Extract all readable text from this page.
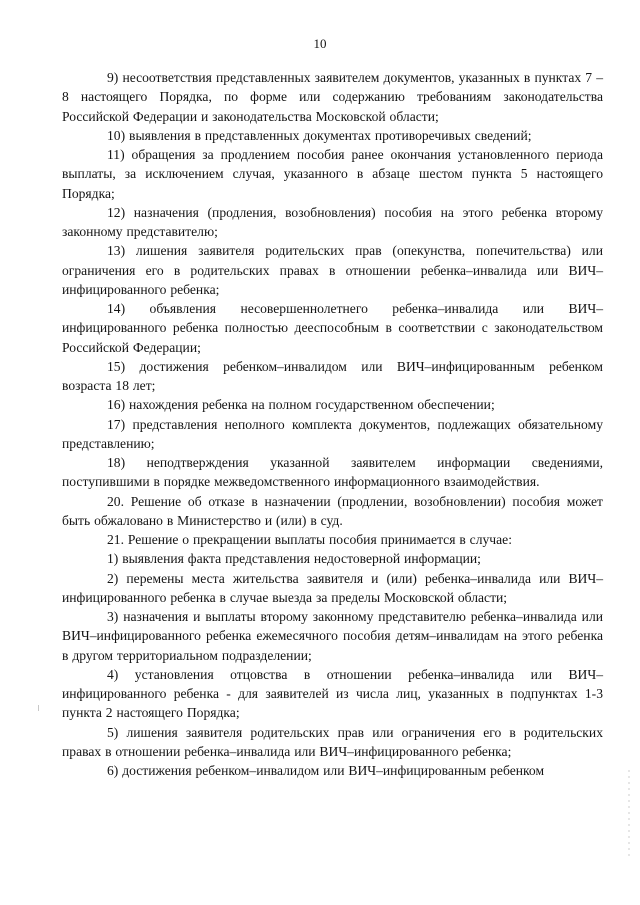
10

9) несоответствия представленных заявителем документов, указанных в пунктах 7 – 8 настоящего Порядка, по форме или содержанию требованиям законодательства Российской Федерации и законодательства Московской области;

10) выявления в представленных документах противоречивых сведений;

11) обращения за продлением пособия ранее окончания установленного периода выплаты, за исключением случая, указанного в абзаце шестом пункта 5 настоящего Порядка;

12) назначения (продления, возобновления) пособия на этого ребенка второму законному представителю;

13) лишения заявителя родительских прав (опекунства, попечительства) или ограничения его в родительских правах в отношении ребенка–инвалида или ВИЧ–инфицированного ребенка;

14) объявления несовершеннолетнего ребенка–инвалида или ВИЧ–инфицированного ребенка полностью дееспособным в соответствии с законодательством Российской Федерации;

15) достижения ребенком–инвалидом или ВИЧ–инфицированным ребенком возраста 18 лет;

16) нахождения ребенка на полном государственном обеспечении;

17) представления неполного комплекта документов, подлежащих обязательному представлению;

18) неподтверждения указанной заявителем информации сведениями, поступившими в порядке межведомственного информационного взаимодействия.

20. Решение об отказе в назначении (продлении, возобновлении) пособия может быть обжаловано в Министерство и (или) в суд.

21. Решение о прекращении выплаты пособия принимается в случае:

1) выявления факта представления недостоверной информации;

2) перемены места жительства заявителя и (или) ребенка–инвалида или ВИЧ–инфицированного ребенка в случае выезда за пределы Московской области;

3) назначения и выплаты второму законному представителю ребенка–инвалида или ВИЧ–инфицированного ребенка ежемесячного пособия детям–инвалидам на этого ребенка в другом территориальном подразделении;

4) установления отцовства в отношении ребенка–инвалида или ВИЧ–инфицированного ребенка - для заявителей из числа лиц, указанных в подпунктах 1-3 пункта 2 настоящего Порядка;

5) лишения заявителя родительских прав или ограничения его в родительских правах в отношении ребенка–инвалида или ВИЧ–инфицированного ребенка;

6) достижения ребенком–инвалидом или ВИЧ–инфицированным ребенком
